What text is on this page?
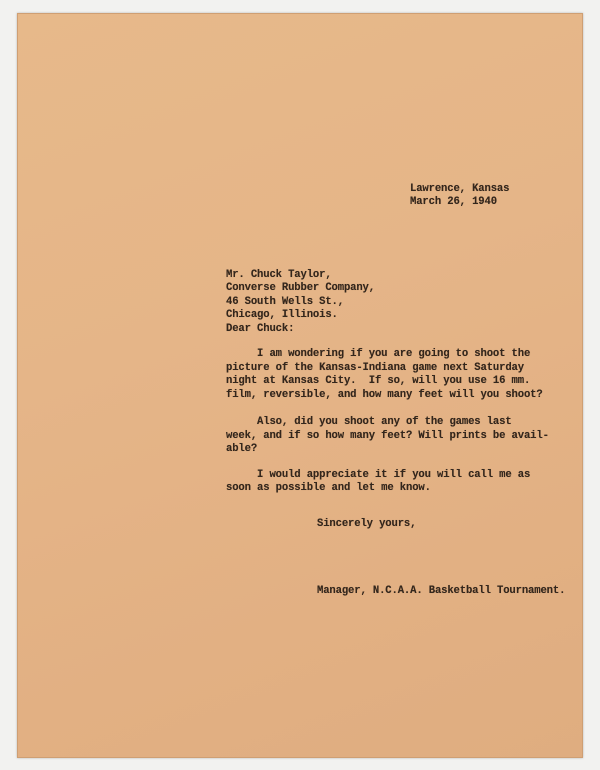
Lawrence, Kansas
March 26, 1940
Mr. Chuck Taylor,
Converse Rubber Company,
46 South Wells St.,
Chicago, Illinois.
Dear Chuck:
I am wondering if you are going to shoot the
picture of the Kansas-Indiana game next Saturday
night at Kansas City.  If so, will you use 16 mm.
film, reversible, and how many feet will you shoot?
Also, did you shoot any of the games last
week, and if so how many feet? Will prints be avail-
able?
I would appreciate it if you will call me as
soon as possible and let me know.
Sincerely yours,
Manager, N.C.A.A. Basketball Tournament.
